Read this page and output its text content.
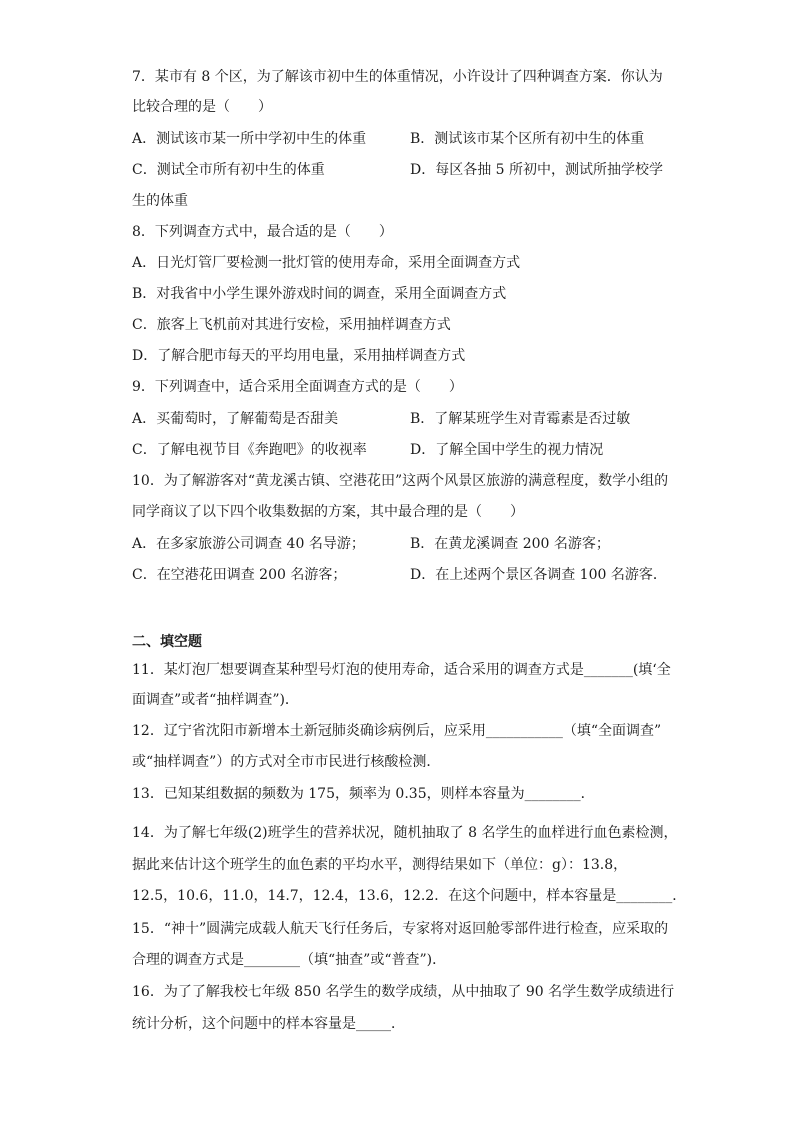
7．某市有 8 个区，为了解该市初中生的体重情况，小许设计了四种调查方案．你认为
比较合理的是（　　）
A．测试该市某一所中学初中生的体重	B．测试该市某个区所有初中生的体重
C．测试全市所有初中生的体重	D．每区各抽 5 所初中，测试所抽学校学
生的体重
8．下列调查方式中，最合适的是（　　）
A．日光灯管厂要检测一批灯管的使用寿命，采用全面调查方式
B．对我省中小学生课外游戏时间的调查，采用全面调查方式
C．旅客上飞机前对其进行安检，采用抽样调查方式
D．了解合肥市每天的平均用电量，采用抽样调查方式
9．下列调查中，适合采用全面调查方式的是（　　）
A．买葡萄时，了解葡萄是否甜美	B．了解某班学生对青霉素是否过敏
C．了解电视节目《奔跑吧》的收视率	D．了解全国中学生的视力情况
10．为了解游客对“黄龙溪古镇、空港花田”这两个风景区旅游的满意程度，数学小组的
同学商议了以下四个收集数据的方案，其中最合理的是（　　）
A．在多家旅游公司调查 40 名导游；	B．在黄龙溪调查 200 名游客；
C．在空港花田调查 200 名游客；	D．在上述两个景区各调查 100 名游客．
二、填空题
11．某灯泡厂想要调查某种型号灯泡的使用寿命，适合采用的调查方式是_______(填‘全
面调查”或者“抽样调查”)．
12．辽宁省沈阳市新增本土新冠肺炎确诊病例后，应采用___________（填“全面调查”
或“抽样调查”）的方式对全市市民进行核酸检测．
13．已知某组数据的频数为 175，频率为 0.35，则样本容量为________．
14．为了解七年级(2)班学生的营养状况，随机抽取了 8 名学生的血样进行血色素检测，
据此来估计这个班学生的血色素的平均水平，测得结果如下（单位：g）：13.8，
12.5，10.6，11.0，14.7，12.4，13.6，12.2．在这个问题中，样本容量是________．
15．“神十”圆满完成载人航天飞行任务后，专家将对返回舱零部件进行检查，应采取的
合理的调查方式是________（填“抽查”或“普查”)．
16．为了了解我校七年级 850 名学生的数学成绩，从中抽取了 90 名学生数学成绩进行
统计分析，这个问题中的样本容量是_____．
